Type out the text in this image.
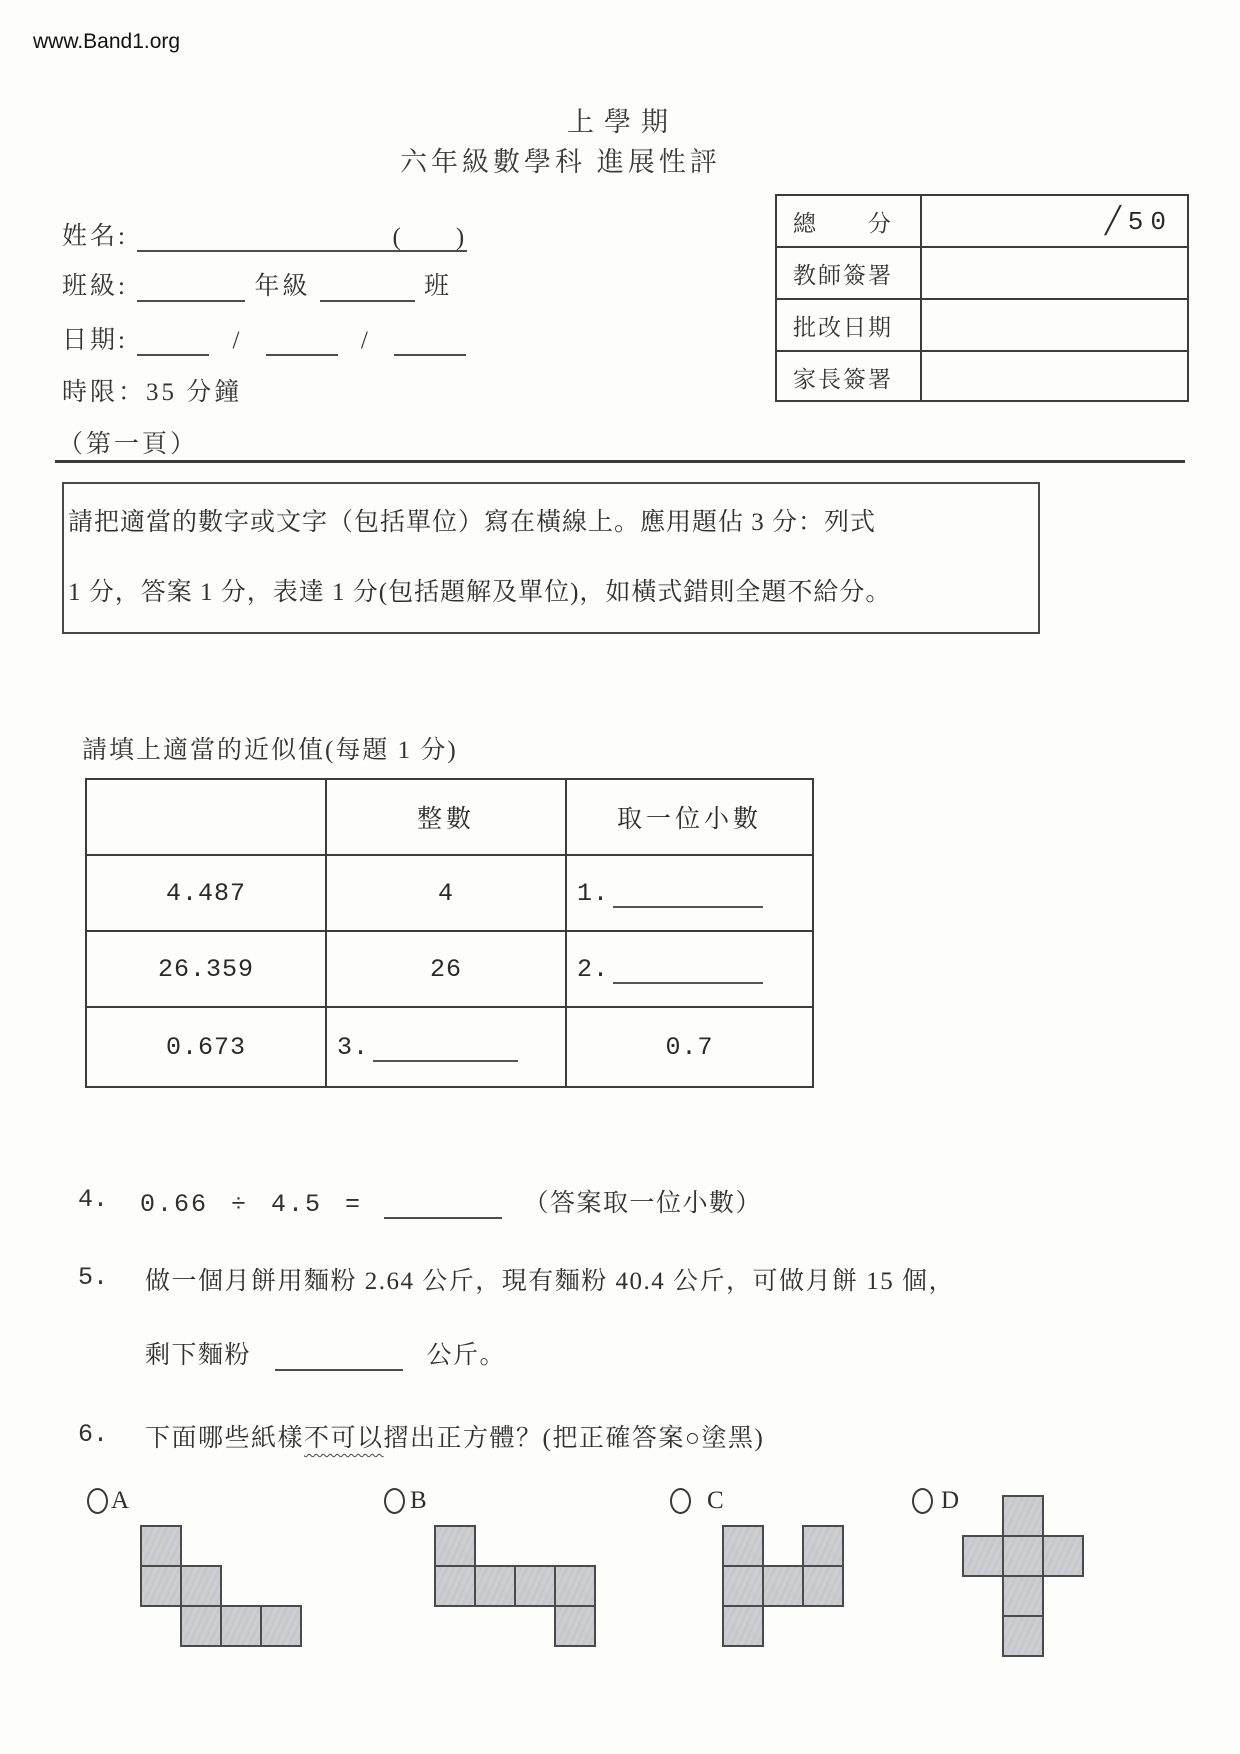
www.Band1.org
上學期
六年級數學科 進展性評
姓名:	( )
班級:	年級	班
日期:	/	/
時限：35 分鐘
（第一頁）
總　　分	╱50
教師簽署
批改日期
家長簽署
請把適當的數字或文字（包括單位）寫在橫線上。應用題佔 3 分：列式
1 分，答案 1 分，表達 1 分(包括題解及單位)，如橫式錯則全題不給分。
請填上適當的近似值(每題 1 分)
	整數	取一位小數
4.487	4	1.
26.359	26	2.
0.673	3.	0.7
4. 0.66 ÷ 4.5 =	（答案取一位小數）
5. 做一個月餅用麵粉 2.64 公斤，現有麵粉 40.4 公斤，可做月餅 15 個，
剩下麵粉	公斤。
6. 下面哪些紙樣不可以摺出正方體？(把正確答案○塗黑)
A	B	C	D
